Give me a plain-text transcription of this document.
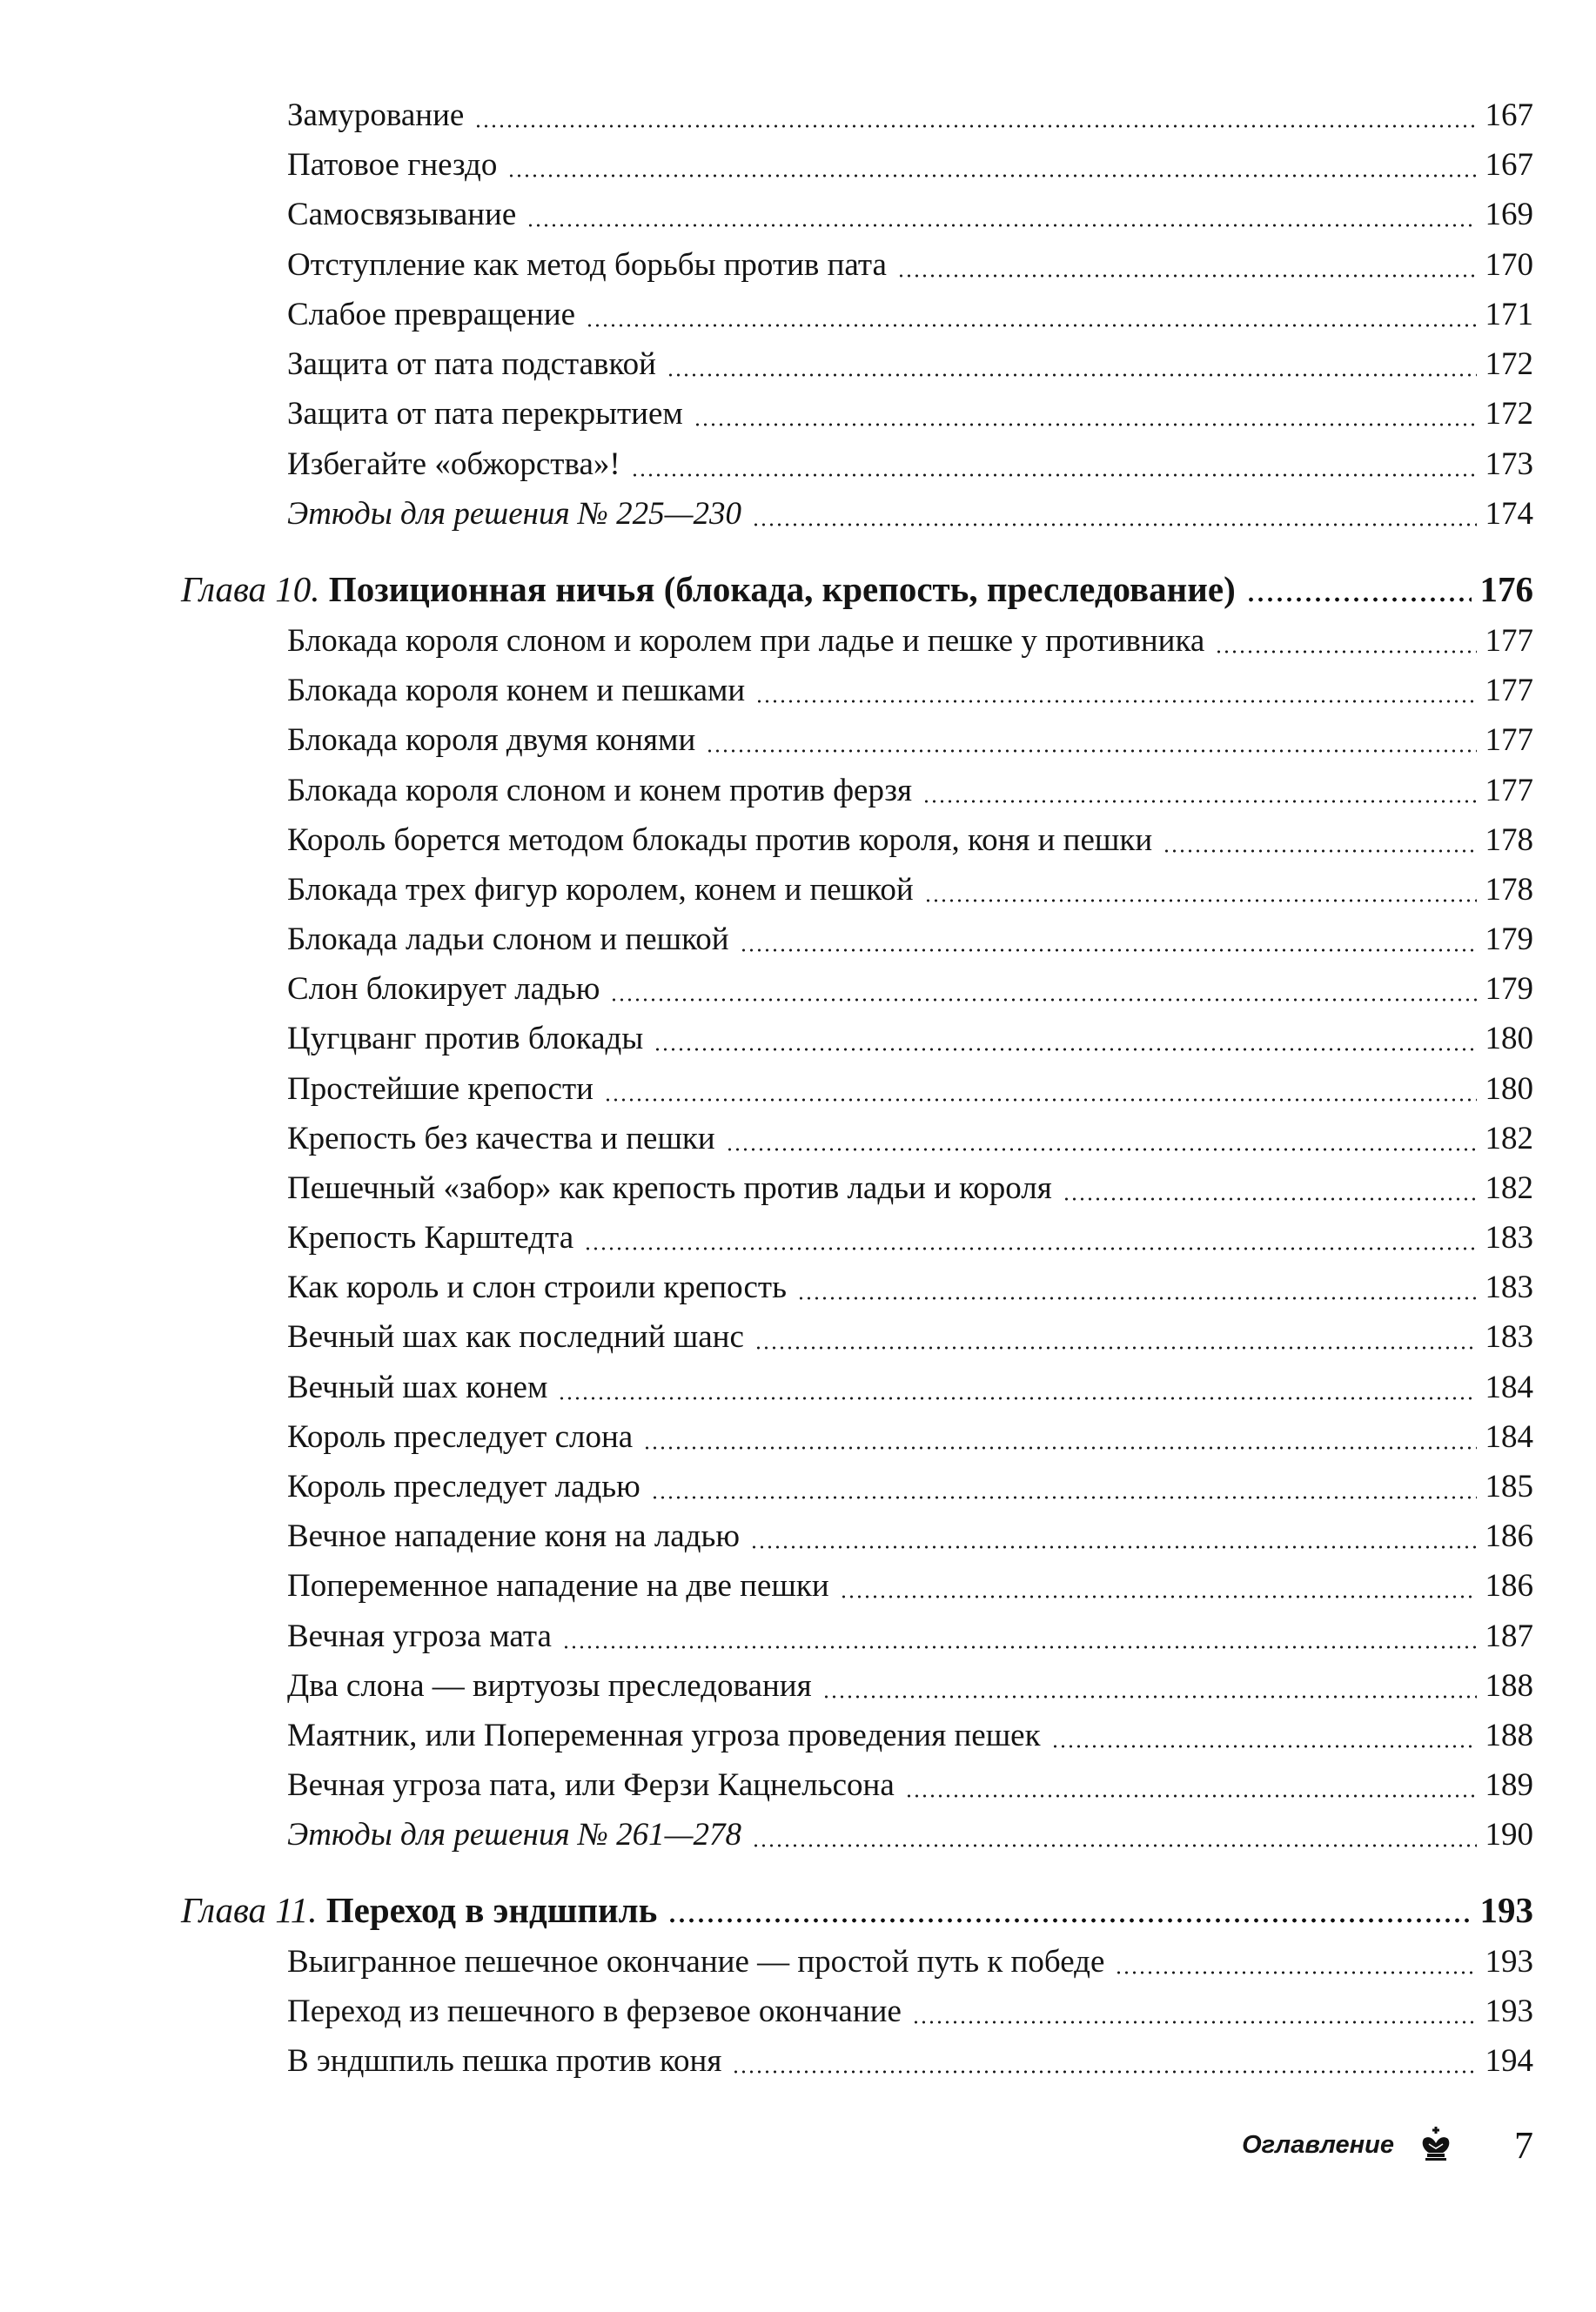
Замурование	167
Патовое гнездо	167
Самосвязывание	169
Отступление как метод борьбы против пата	170
Слабое превращение	171
Защита от пата подставкой	172
Защита от пата перекрытием	172
Избегайте «обжорства»!	173
Этюды для решения № 225—230	174
Глава 10. Позиционная ничья (блокада, крепость, преследование)	176
Блокада короля слоном и королем при ладье и пешке у противника	177
Блокада короля конем и пешками	177
Блокада короля двумя конями	177
Блокада короля слоном и конем против ферзя	177
Король борется методом блокады против короля, коня и пешки	178
Блокада трех фигур королем, конем и пешкой	178
Блокада ладьи слоном и пешкой	179
Слон блокирует ладью	179
Цугцванг против блокады	180
Простейшие крепости	180
Крепость без качества и пешки	182
Пешечный «забор» как крепость против ладьи и короля	182
Крепость Карштедта	183
Как король и слон строили крепость	183
Вечный шах как последний шанс	183
Вечный шах конем	184
Король преследует слона	184
Король преследует ладью	185
Вечное нападение коня на ладью	186
Попеременное нападение на две пешки	186
Вечная угроза мата	187
Два слона — виртуозы преследования	188
Маятник, или Попеременная угроза проведения пешек	188
Вечная угроза пата, или Ферзи Кацнельсона	189
Этюды для решения № 261—278	190
Глава 11. Переход в эндшпиль	193
Выигранное пешечное окончание — простой путь к победе	193
Переход из пешечного в ферзевое окончание	193
В эндшпиль пешка против коня	194
Оглавление	7
